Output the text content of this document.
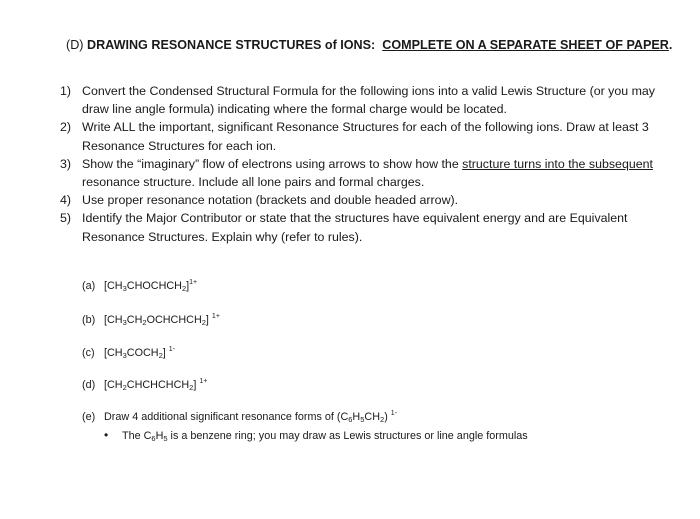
(D) DRAWING RESONANCE STRUCTURES of IONS: COMPLETE ON A SEPARATE SHEET OF PAPER.
1) Convert the Condensed Structural Formula for the following ions into a valid Lewis Structure (or you may draw line angle formula) indicating where the formal charge would be located.
2) Write ALL the important, significant Resonance Structures for each of the following ions. Draw at least 3 Resonance Structures for each ion.
3) Show the “imaginary” flow of electrons using arrows to show how the structure turns into the subsequent resonance structure. Include all lone pairs and formal charges.
4) Use proper resonance notation (brackets and double headed arrow).
5) Identify the Major Contributor or state that the structures have equivalent energy and are Equivalent Resonance Structures. Explain why (refer to rules).
(a) $[CH_3CHOCHCH_2]^{1+}$
(b) $[CH_3CH_2OCHCHCH_2]$ $^{1+}$
(c) $[CH_3COCH_2]$ $^{1-}$
(d) $[CH_2CHCHCHCH_2]$ $^{1+}$
(e) Draw 4 additional significant resonance forms of $(C_6H_5CH_2)$ $^{1-}$
• The $C_6H_5$ is a benzene ring; you may draw as Lewis structures or line angle formulas
